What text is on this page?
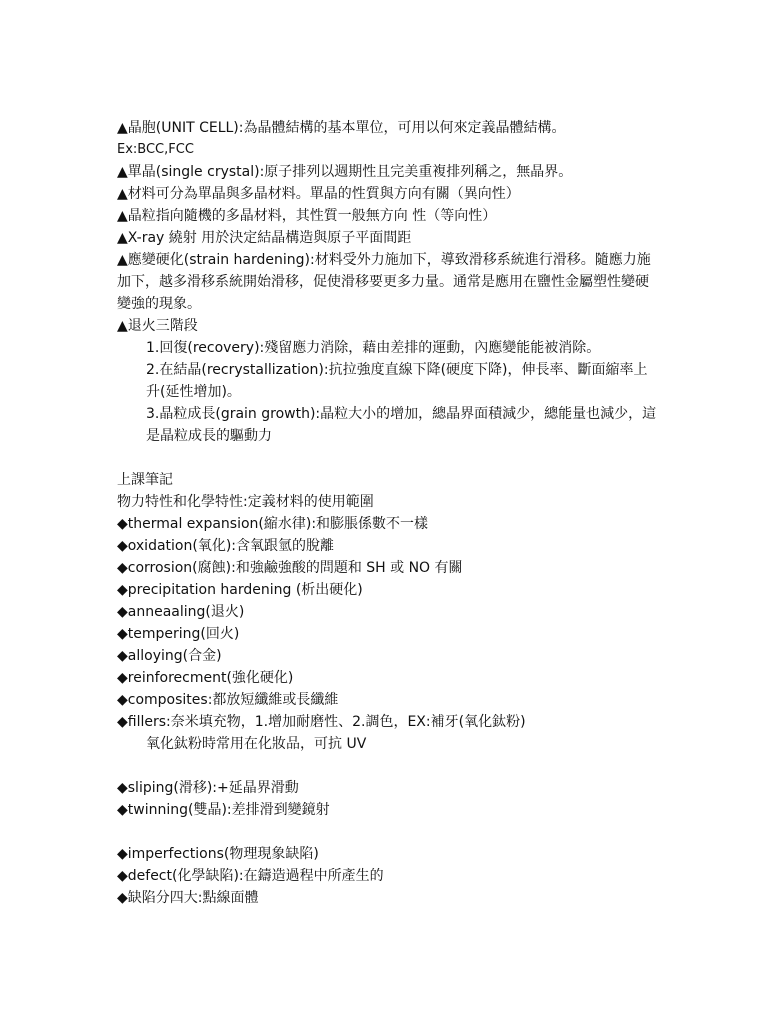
▲晶胞(UNIT CELL):為晶體結構的基本單位，可用以何來定義晶體結構。
Ex:BCC,FCC
▲單晶(single crystal):原子排列以週期性且完美重複排列稱之，無晶界。
▲材料可分為單晶與多晶材料。單晶的性質與方向有關（異向性）
▲晶粒指向隨機的多晶材料，其性質一般無方向 性（等向性）
▲X-ray 繞射 用於決定結晶構造與原子平面間距
▲應變硬化(strain hardening):材料受外力施加下，導致滑移系統進行滑移。隨應力施加下，越多滑移系統開始滑移，促使滑移要更多力量。通常是應用在鹽性金屬塑性變硬變強的現象。
▲退火三階段
1.回復(recovery):殘留應力消除，藉由差排的運動，內應變能能被消除。
2.在結晶(recrystallization):抗拉強度直線下降(硬度下降)，伸長率、斷面縮率上升(延性增加)。
3.晶粒成長(grain growth):晶粒大小的增加，總晶界面積減少，總能量也減少，這是晶粒成長的驅動力
上課筆記
物力特性和化學特性:定義材料的使用範圍
◆thermal expansion(縮水律):和膨脹係數不一樣
◆oxidation(氧化):含氧跟氫的脫離
◆corrosion(腐蝕):和強鹼強酸的問題和 SH 或 NO 有關
◆precipitation hardening (析出硬化)
◆anneaaling(退火)
◆tempering(回火)
◆alloying(合金)
◆reinforecment(強化硬化)
◆composites:都放短纖維或長纖維
◆fillers:奈米填充物，1.增加耐磨性、2.調色，EX:補牙(氧化鈦粉)
氧化鈦粉時常用在化妝品，可抗 UV
◆sliping(滑移):+延晶界滑動
◆twinning(雙晶):差排滑到變鏡射
◆imperfections(物理現象缺陷)
◆defect(化學缺陷):在鑄造過程中所產生的
◆缺陷分四大:點線面體
